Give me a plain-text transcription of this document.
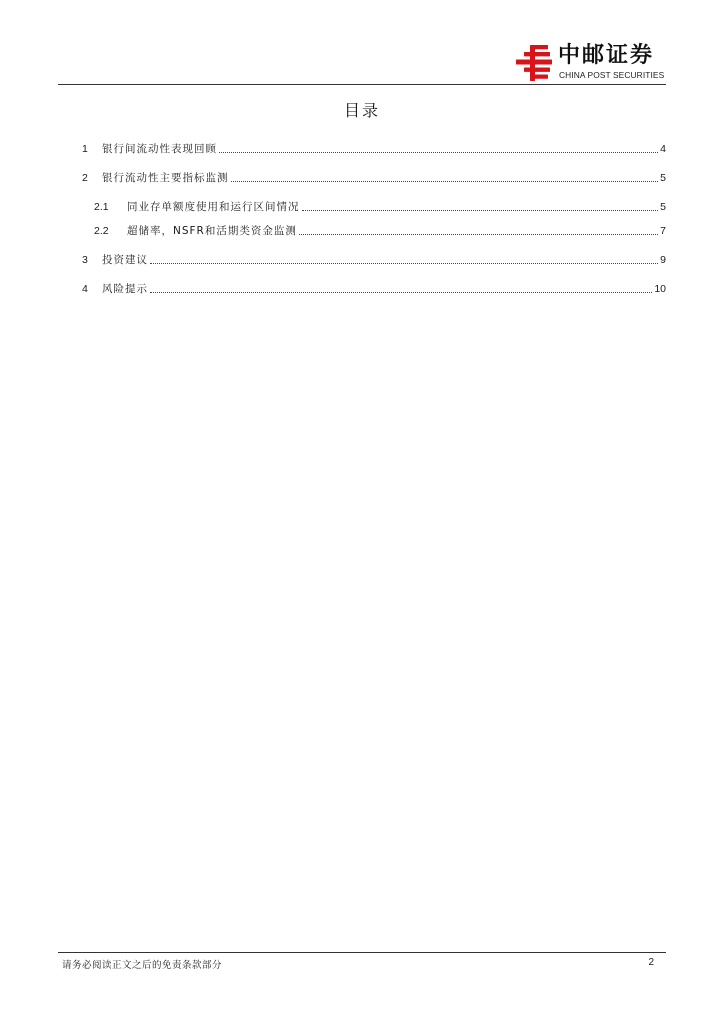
中邮证券
CHINA POST SECURITIES
目录
1	银行间流动性表现回顾	4
2	银行流动性主要指标监测	5
2.1	同业存单额度使用和运行区间情况	5
2.2	超储率，NSFR和活期类资金监测	7
3	投资建议	9
4	风险提示	10
请务必阅读正文之后的免责条款部分	2
